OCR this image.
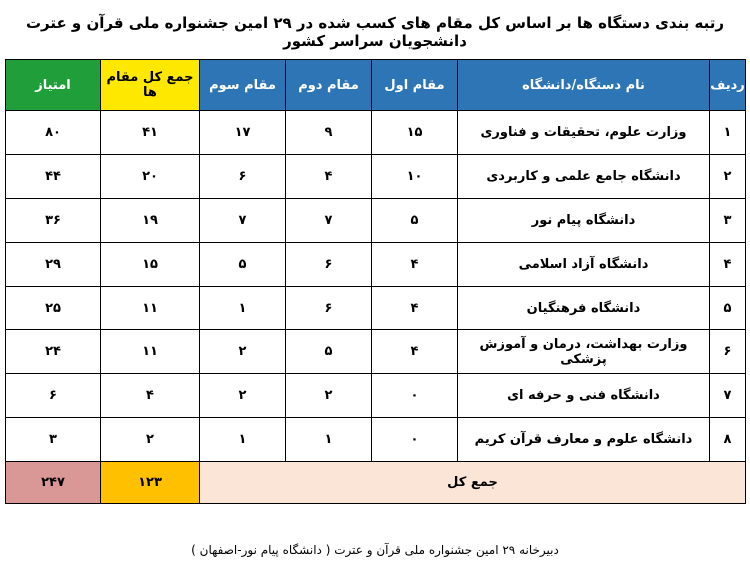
رتبه بندی دستگاه ها بر اساس کل مقام های کسب شده در ۲۹ امین جشنواره ملی قرآن و عترت دانشجویان سراسر کشور
ردیف	نام دستگاه/دانشگاه	مقام اول	مقام دوم	مقام سوم	جمع کل مقام ها	امتیاز
۱	وزارت علوم، تحقیقات و فناوری	۱۵	۹	۱۷	۴۱	۸۰
۲	دانشگاه جامع علمی و کاربردی	۱۰	۴	۶	۲۰	۴۴
۳	دانشگاه پیام نور	۵	۷	۷	۱۹	۳۶
۴	دانشگاه آزاد اسلامی	۴	۶	۵	۱۵	۲۹
۵	دانشگاه فرهنگیان	۴	۶	۱	۱۱	۲۵
۶	وزارت بهداشت، درمان و آموزش پزشکی	۴	۵	۲	۱۱	۲۴
۷	دانشگاه فنی و حرفه ای	۰	۲	۲	۴	۶
۸	دانشگاه علوم و معارف قرآن کریم	۰	۱	۱	۲	۳
جمع کل					۱۲۳	۲۴۷
دبیرخانه ۲۹ امین جشنواره ملی قرآن و عترت ( دانشگاه پیام نور-اصفهان )
